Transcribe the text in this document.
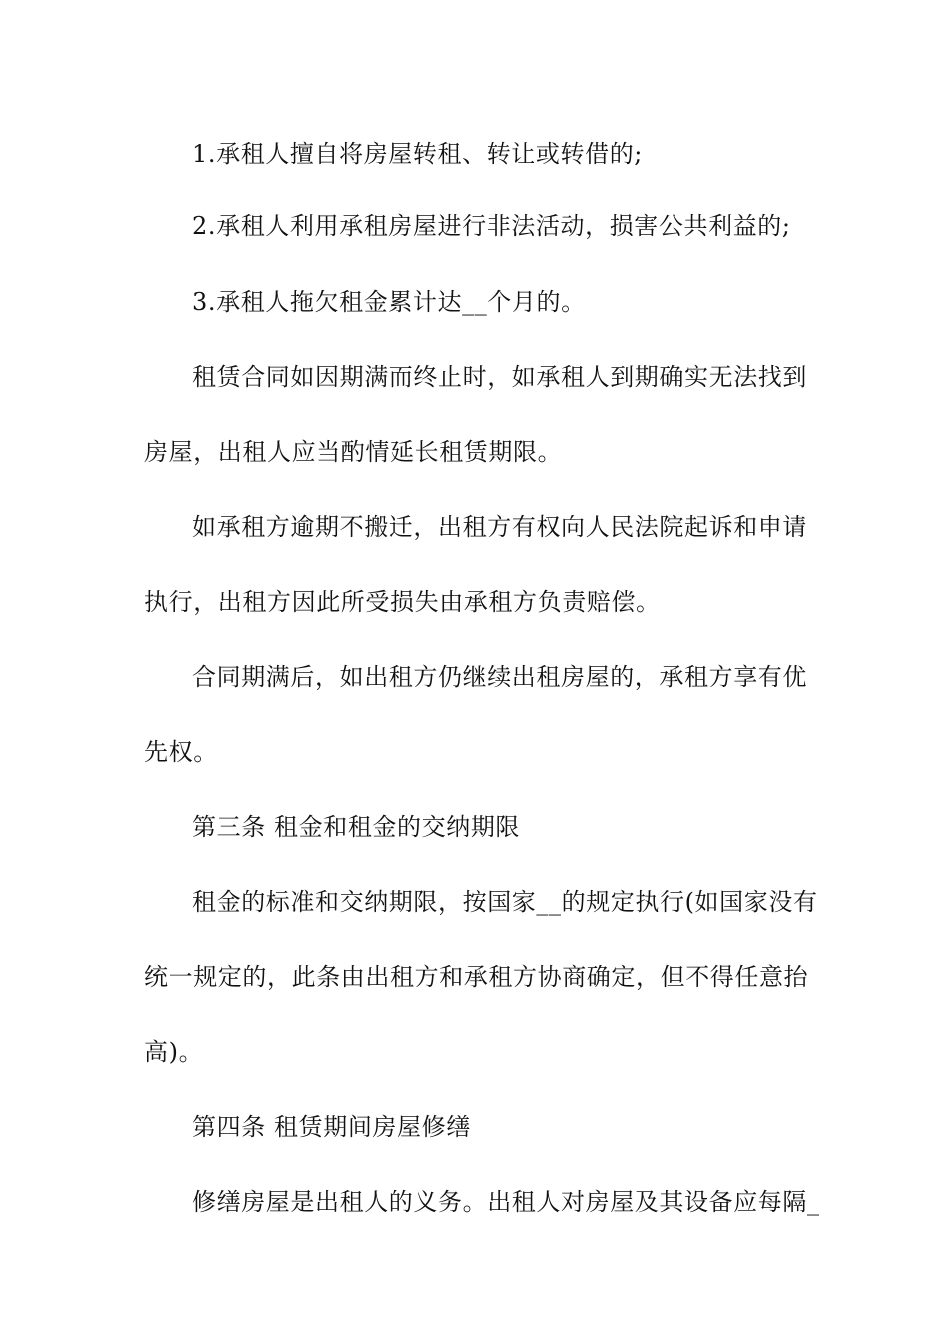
1.承租人擅自将房屋转租、转让或转借的;
2.承租人利用承租房屋进行非法活动，损害公共利益的;
3.承租人拖欠租金累计达__个月的。
租赁合同如因期满而终止时，如承租人到期确实无法找到
房屋，出租人应当酌情延长租赁期限。
如承租方逾期不搬迁，出租方有权向人民法院起诉和申请
执行，出租方因此所受损失由承租方负责赔偿。
合同期满后，如出租方仍继续出租房屋的，承租方享有优
先权。
第三条 租金和租金的交纳期限
租金的标准和交纳期限，按国家__的规定执行(如国家没有
统一规定的，此条由出租方和承租方协商确定，但不得任意抬
高)。
第四条 租赁期间房屋修缮
修缮房屋是出租人的义务。出租人对房屋及其设备应每隔_
